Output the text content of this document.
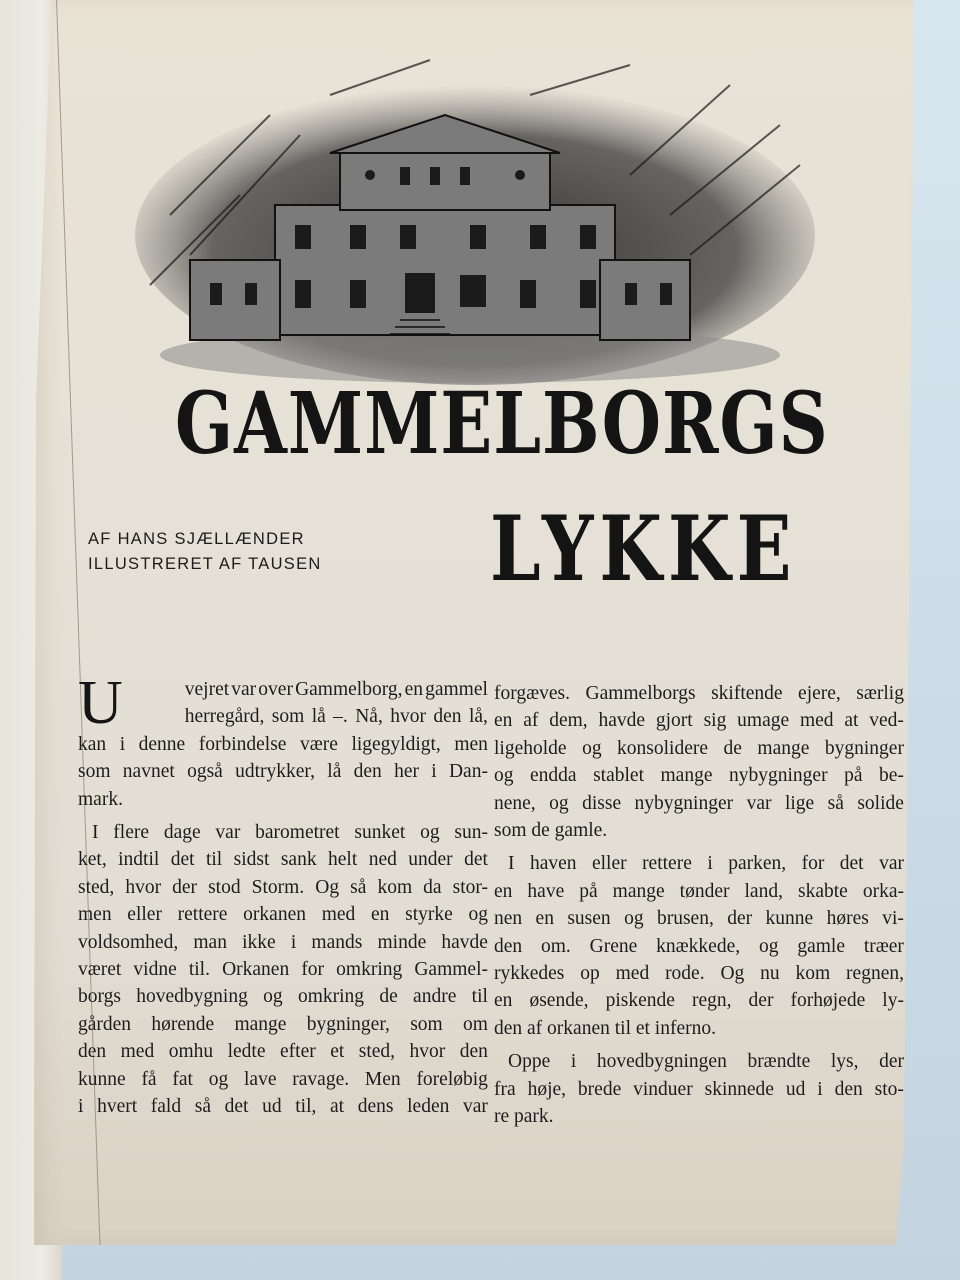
GAMMELBORGS
LYKKE
AF HANS SJÆLLÆNDER
ILLUSTRERET AF TAUSEN
U	vejret var over Gammelborg, en gammel
herregård, som lå –. Nå, hvor den lå,
kan i denne forbindelse være ligegyldigt, men
som navnet også udtrykker, lå den her i Dan-
mark.
I flere dage var barometret sunket og sun-
ket, indtil det til sidst sank helt ned under det
sted, hvor der stod Storm. Og så kom da stor-
men eller rettere orkanen med en styrke og
voldsomhed, man ikke i mands minde havde
været vidne til. Orkanen for omkring Gammel-
borgs hovedbygning og omkring de andre til
gården hørende mange bygninger, som om
den med omhu ledte efter et sted, hvor den
kunne få fat og lave ravage. Men foreløbig
i hvert fald så det ud til, at dens leden var
forgæves. Gammelborgs skiftende ejere, særlig
en af dem, havde gjort sig umage med at ved-
ligeholde og konsolidere de mange bygninger
og endda stablet mange nybygninger på be-
nene, og disse nybygninger var lige så solide
som de gamle.
I haven eller rettere i parken, for det var
en have på mange tønder land, skabte orka-
nen en susen og brusen, der kunne høres vi-
den om. Grene knækkede, og gamle træer
rykkedes op med rode. Og nu kom regnen,
en øsende, piskende regn, der forhøjede ly-
den af orkanen til et inferno.
Oppe i hovedbygningen brændte lys, der
fra høje, brede vinduer skinnede ud i den sto-
re park.
